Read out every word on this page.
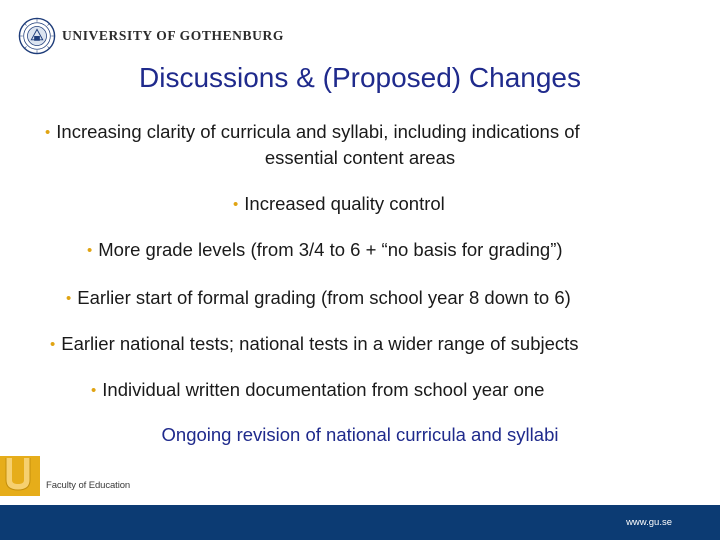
UNIVERSITY OF GOTHENBURG
Discussions & (Proposed) Changes
• Increasing clarity of curricula and syllabi, including indications of
essential content areas
• Increased quality control
• More grade levels (from 3/4 to 6 + “no basis for grading”)
• Earlier start of formal grading (from school year 8 down to 6)
• Earlier national tests; national tests in a wider range of subjects
• Individual written documentation from school year one
Ongoing revision of national curricula and syllabi
Faculty of Education
www.gu.se
